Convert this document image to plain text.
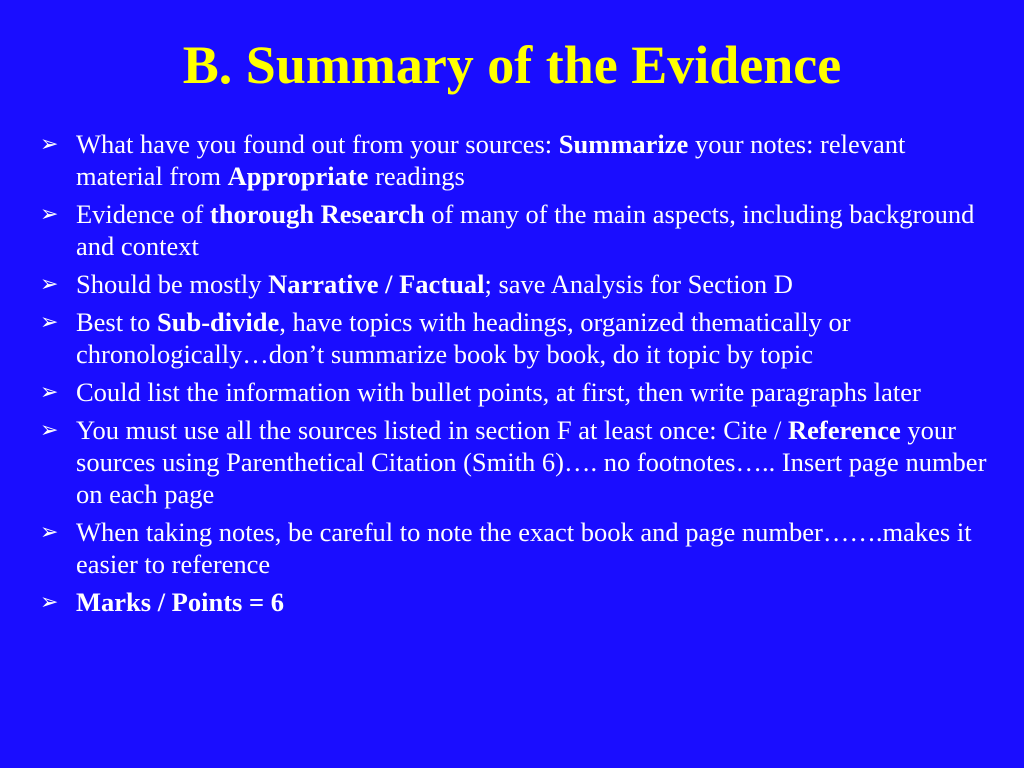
B. Summary of the Evidence
➢ What have you found out from your sources: Summarize your notes: relevant material from Appropriate readings
➢ Evidence of thorough Research of many of the main aspects, including background and context
➢ Should be mostly Narrative / Factual; save Analysis for Section D
➢ Best to Sub-divide, have topics with headings, organized thematically or chronologically…don’t summarize book by book, do it topic by topic
➢ Could list the information with bullet points, at first, then write paragraphs later
➢ You must use all the sources listed in section F at least once: Cite / Reference your sources using Parenthetical Citation (Smith 6)…. no footnotes….. Insert page number on each page
➢ When taking notes, be careful to note the exact book and page number…….makes it easier to reference
➢ Marks / Points = 6
